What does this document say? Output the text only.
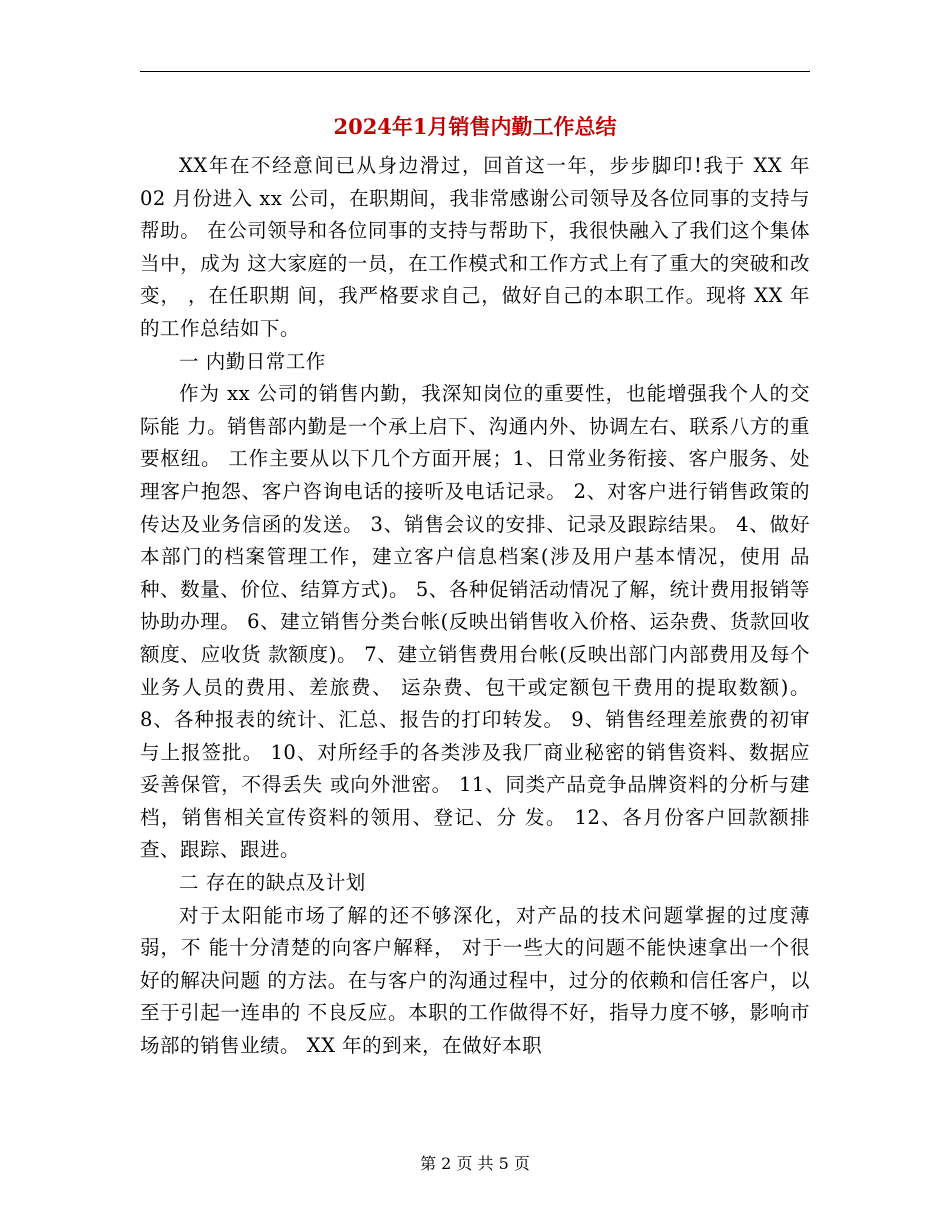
2024年1月销售内勤工作总结

XX年在不经意间已从身边滑过，回首这一年，步步脚印!我于 XX 年 02 月份进入 xx 公司，在职期间，我非常感谢公司领导及各位同事的支持与帮助。 在公司领导和各位同事的支持与帮助下，我很快融入了我们这个集体当中，成为 这大家庭的一员，在工作模式和工作方式上有了重大的突破和改变， ，在任职期 间，我严格要求自己，做好自己的本职工作。现将 XX 年的工作总结如下。

一 内勤日常工作

作为 xx 公司的销售内勤，我深知岗位的重要性，也能增强我个人的交际能 力。销售部内勤是一个承上启下、沟通内外、协调左右、联系八方的重要枢纽。 工作主要从以下几个方面开展；1、日常业务衔接、客户服务、处理客户抱怨、客户咨询电话的接听及电话记录。 2、对客户进行销售政策的传达及业务信函的发送。 3、销售会议的安排、记录及跟踪结果。 4、做好本部门的档案管理工作，建立客户信息档案(涉及用户基本情况，使用 品种、数量、价位、结算方式)。 5、各种促销活动情况了解，统计费用报销等协助办理。 6、建立销售分类台帐(反映出销售收入价格、运杂费、货款回收额度、应收货 款额度)。 7、建立销售费用台帐(反映出部门内部费用及每个业务人员的费用、差旅费、 运杂费、包干或定额包干费用的提取数额)。 8、各种报表的统计、汇总、报告的打印转发。 9、销售经理差旅费的初审与上报签批。 10、对所经手的各类涉及我厂商业秘密的销售资料、数据应妥善保管，不得丢失 或向外泄密。 11、同类产品竞争品牌资料的分析与建档，销售相关宣传资料的领用、登记、分 发。 12、各月份客户回款额排查、跟踪、跟进。

二 存在的缺点及计划

对于太阳能市场了解的还不够深化，对产品的技术问题掌握的过度薄弱，不 能十分清楚的向客户解释， 对于一些大的问题不能快速拿出一个很好的解决问题 的方法。在与客户的沟通过程中，过分的依赖和信任客户，以至于引起一连串的 不良反应。本职的工作做得不好，指导力度不够，影响市场部的销售业绩。 XX 年的到来，在做好本职

第 2 页 共 5 页
